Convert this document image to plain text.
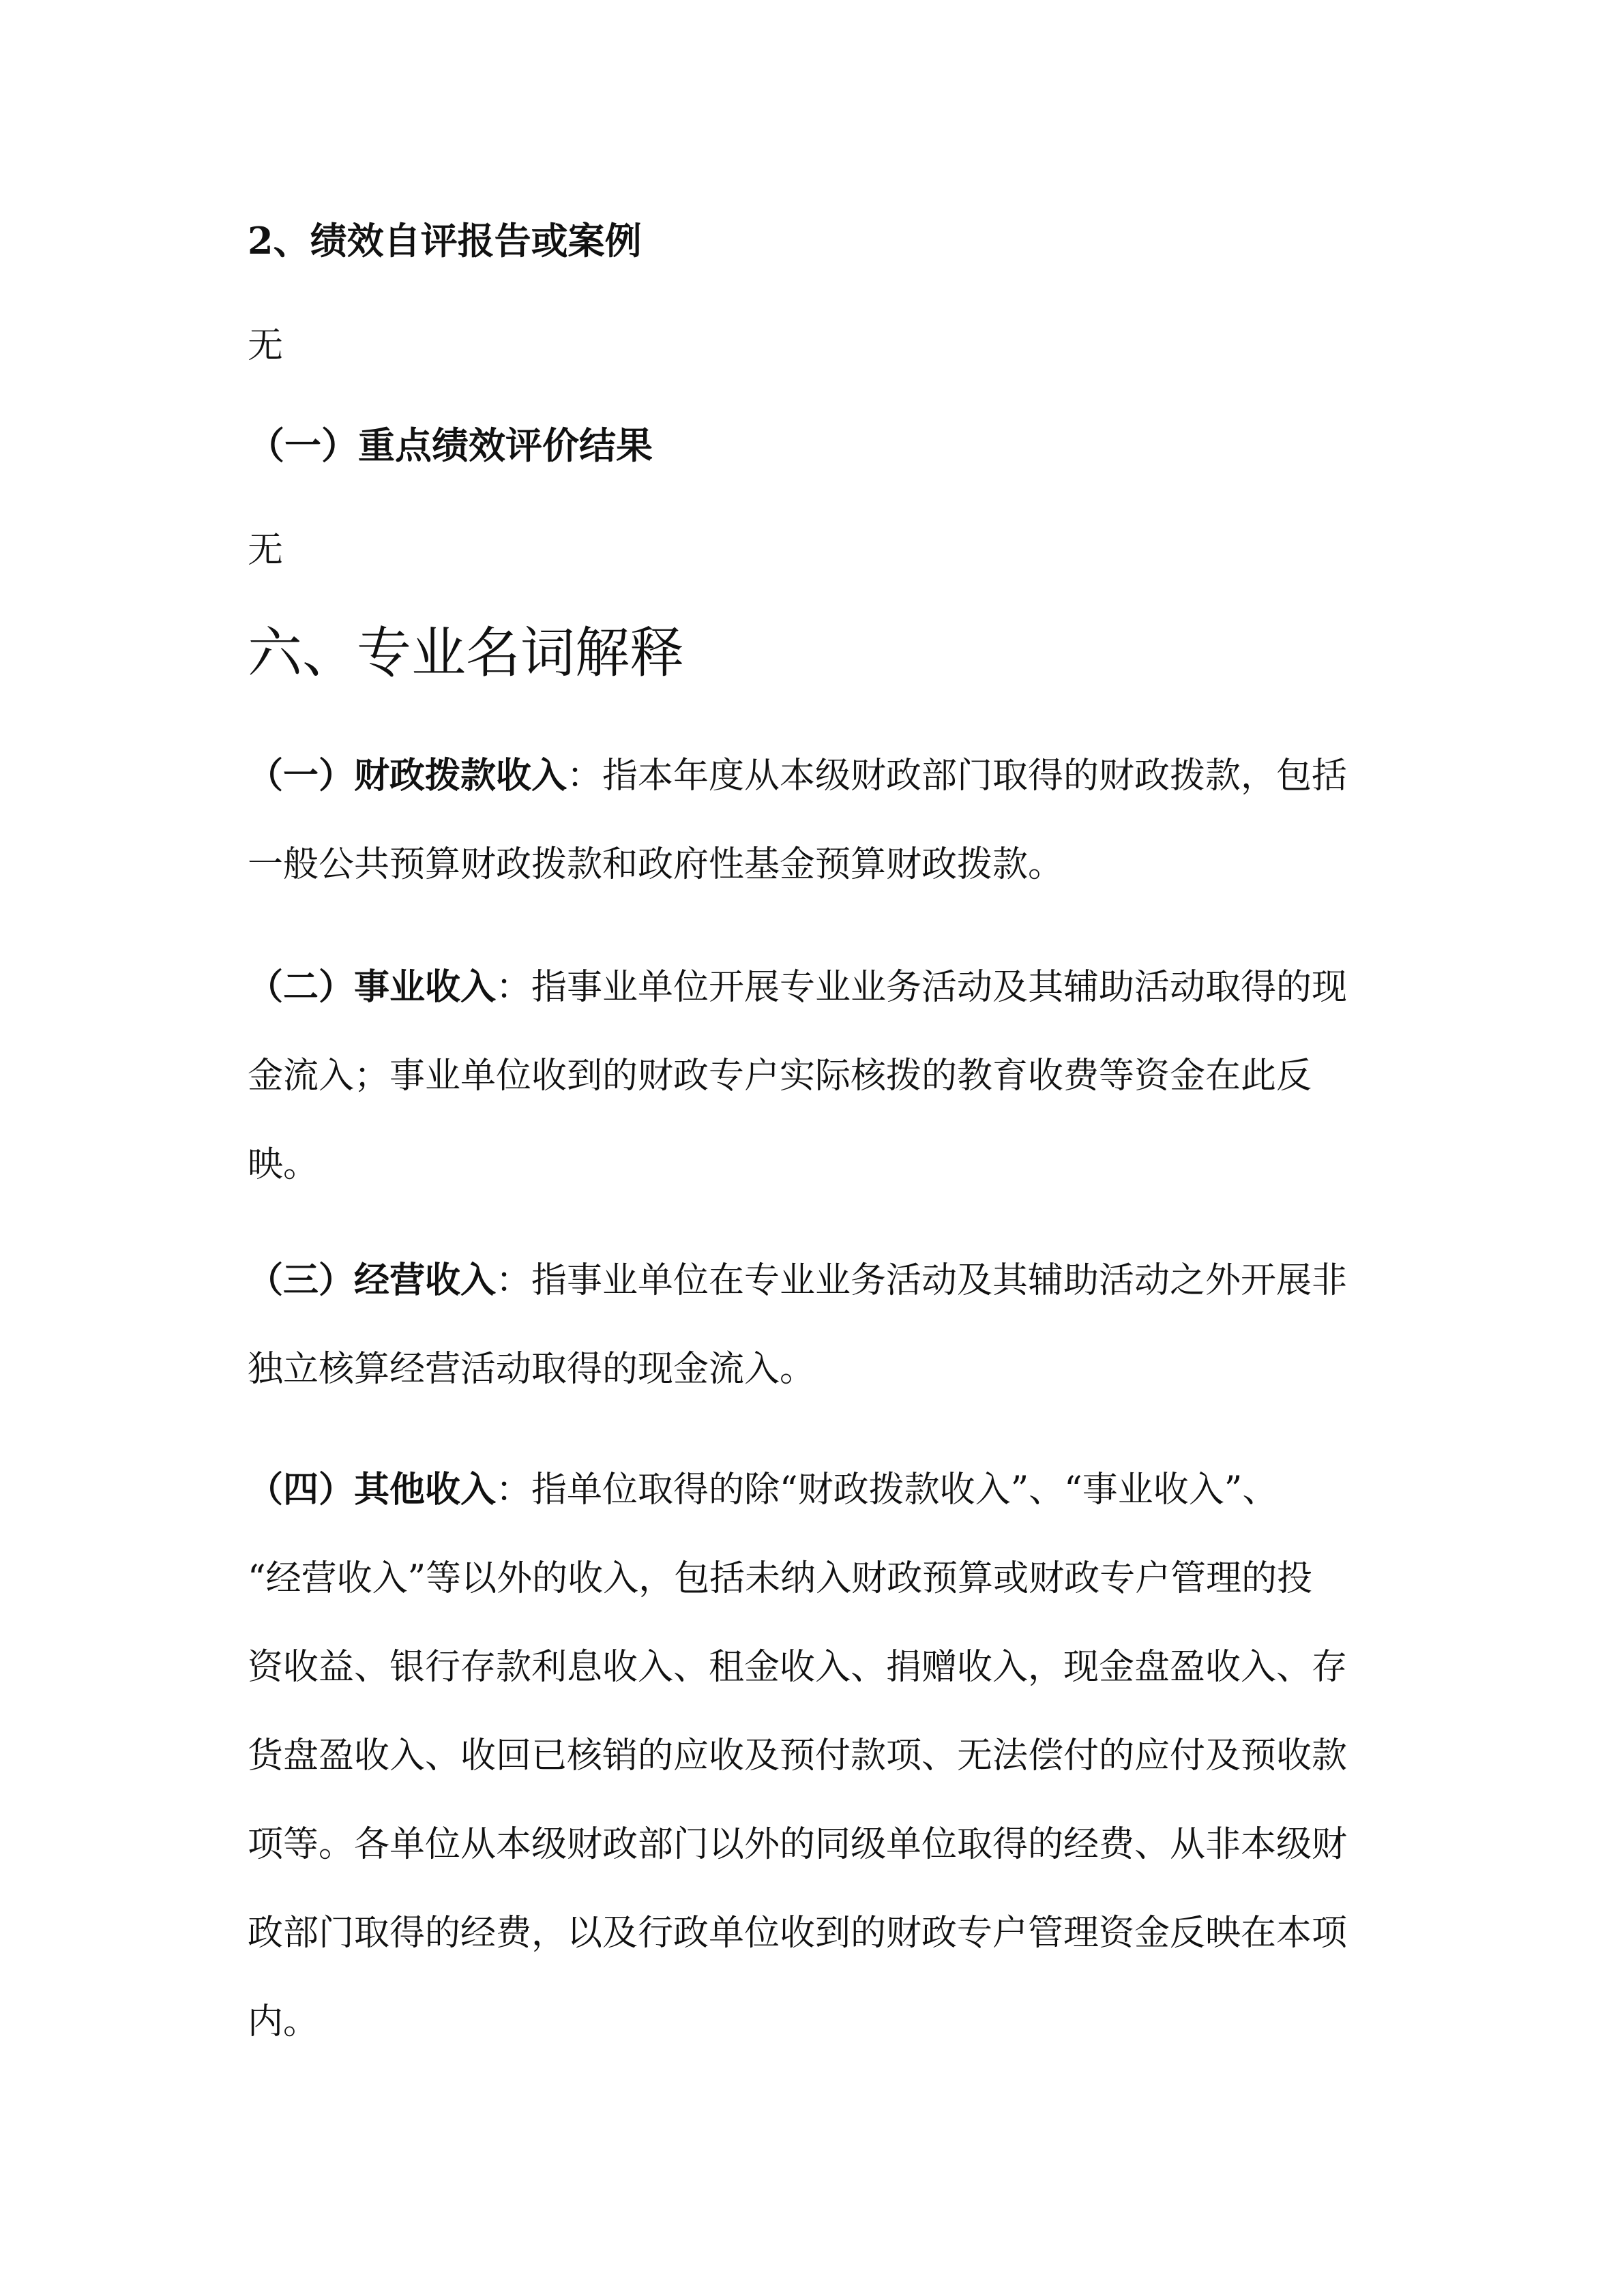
2、绩效自评报告或案例

无

（一）重点绩效评价结果

无

六、专业名词解释

（一）财政拨款收入：指本年度从本级财政部门取得的财政拨款，包括
一般公共预算财政拨款和政府性基金预算财政拨款。

（二）事业收入：指事业单位开展专业业务活动及其辅助活动取得的现
金流入；事业单位收到的财政专户实际核拨的教育收费等资金在此反
映。

（三）经营收入：指事业单位在专业业务活动及其辅助活动之外开展非
独立核算经营活动取得的现金流入。

（四）其他收入：指单位取得的除“财政拨款收入”、“事业收入”、
“经营收入”等以外的收入，包括未纳入财政预算或财政专户管理的投
资收益、银行存款利息收入、租金收入、捐赠收入，现金盘盈收入、存
货盘盈收入、收回已核销的应收及预付款项、无法偿付的应付及预收款
项等。各单位从本级财政部门以外的同级单位取得的经费、从非本级财
政部门取得的经费，以及行政单位收到的财政专户管理资金反映在本项
内。
